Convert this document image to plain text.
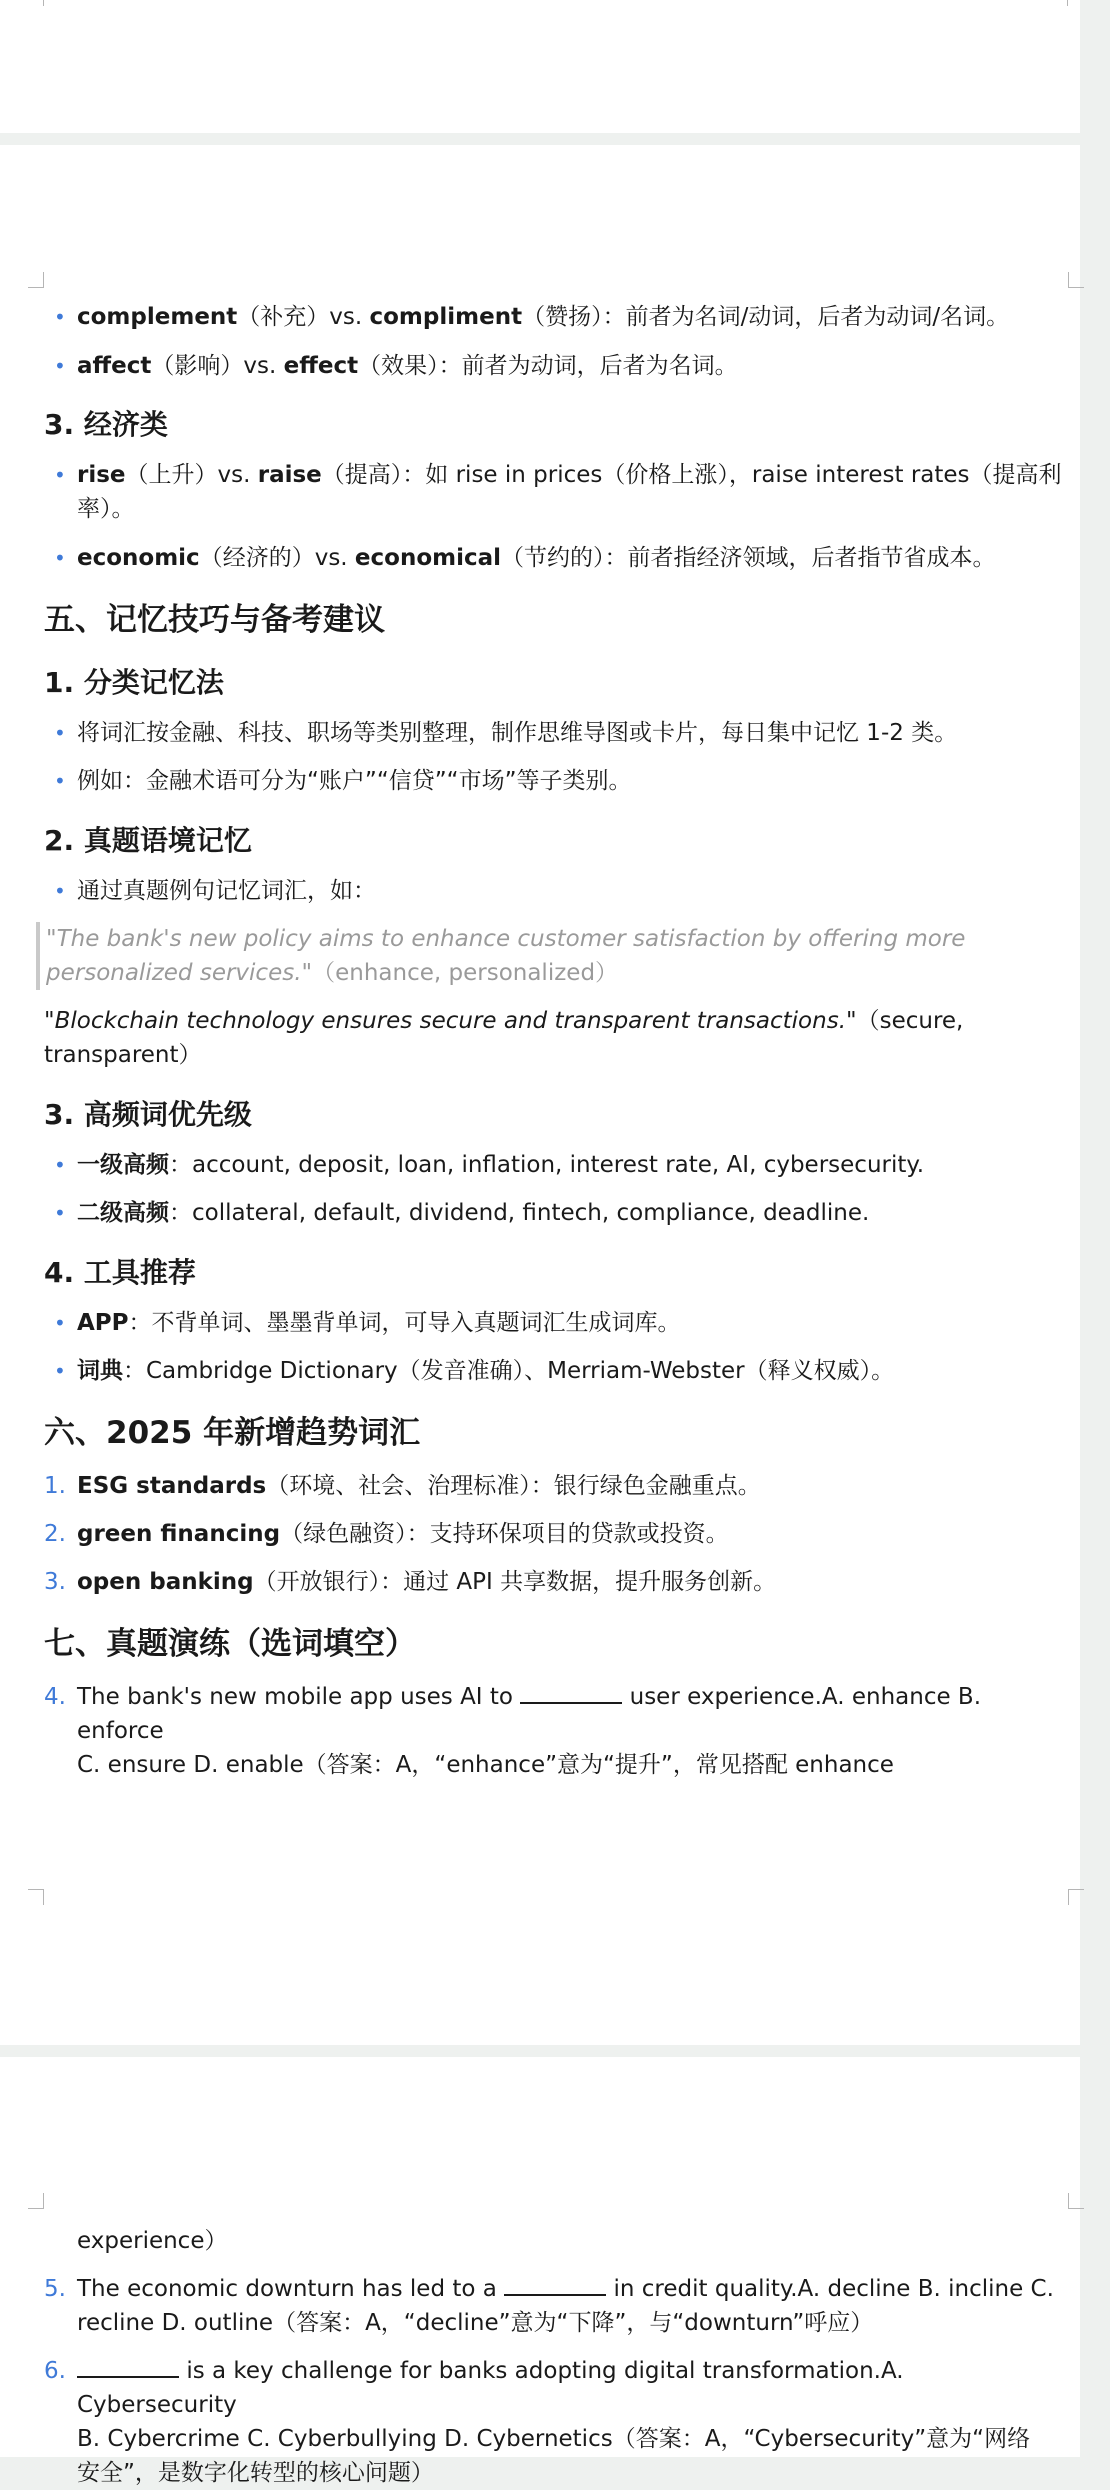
• complement（补充）vs. compliment（赞扬）：前者为名词/动词，后者为动词/名词。
• affect（影响）vs. effect（效果）：前者为动词，后者为名词。
3. 经济类
• rise（上升）vs. raise（提高）：如 rise in prices（价格上涨），raise interest rates（提高利率）。
• economic（经济的）vs. economical（节约的）：前者指经济领域，后者指节省成本。
五、记忆技巧与备考建议
1. 分类记忆法
• 将词汇按金融、科技、职场等类别整理，制作思维导图或卡片，每日集中记忆 1-2 类。
• 例如：金融术语可分为“账户”“信贷”“市场”等子类别。
2. 真题语境记忆
• 通过真题例句记忆词汇，如：
"The bank's new policy aims to enhance customer satisfaction by offering more personalized services."（enhance, personalized）
"Blockchain technology ensures secure and transparent transactions."（secure, transparent）
3. 高频词优先级
• 一级高频：account, deposit, loan, inflation, interest rate, AI, cybersecurity.
• 二级高频：collateral, default, dividend, fintech, compliance, deadline.
4. 工具推荐
• APP：不背单词、墨墨背单词，可导入真题词汇生成词库。
• 词典：Cambridge Dictionary（发音准确）、Merriam-Webster（释义权威）。
六、2025 年新增趋势词汇
1. ESG standards（环境、社会、治理标准）：银行绿色金融重点。
2. green financing（绿色融资）：支持环保项目的贷款或投资。
3. open banking（开放银行）：通过 API 共享数据，提升服务创新。
七、真题演练（选词填空）
4. The bank's new mobile app uses AI to	user experience.A. enhance B. enforce
C. ensure D. enable（答案：A，“enhance”意为“提升”，常见搭配 enhance
experience）
5. The economic downturn has led to a	in credit quality.A. decline B. incline C.
recline D. outline（答案：A，“decline”意为“下降”，与“downturn”呼应）
6.	is a key challenge for banks adopting digital transformation.A. Cybersecurity
B. Cybercrime C. Cyberbullying D. Cybernetics（答案：A，“Cybersecurity”意为“网络
安全”，是数字化转型的核心问题）
